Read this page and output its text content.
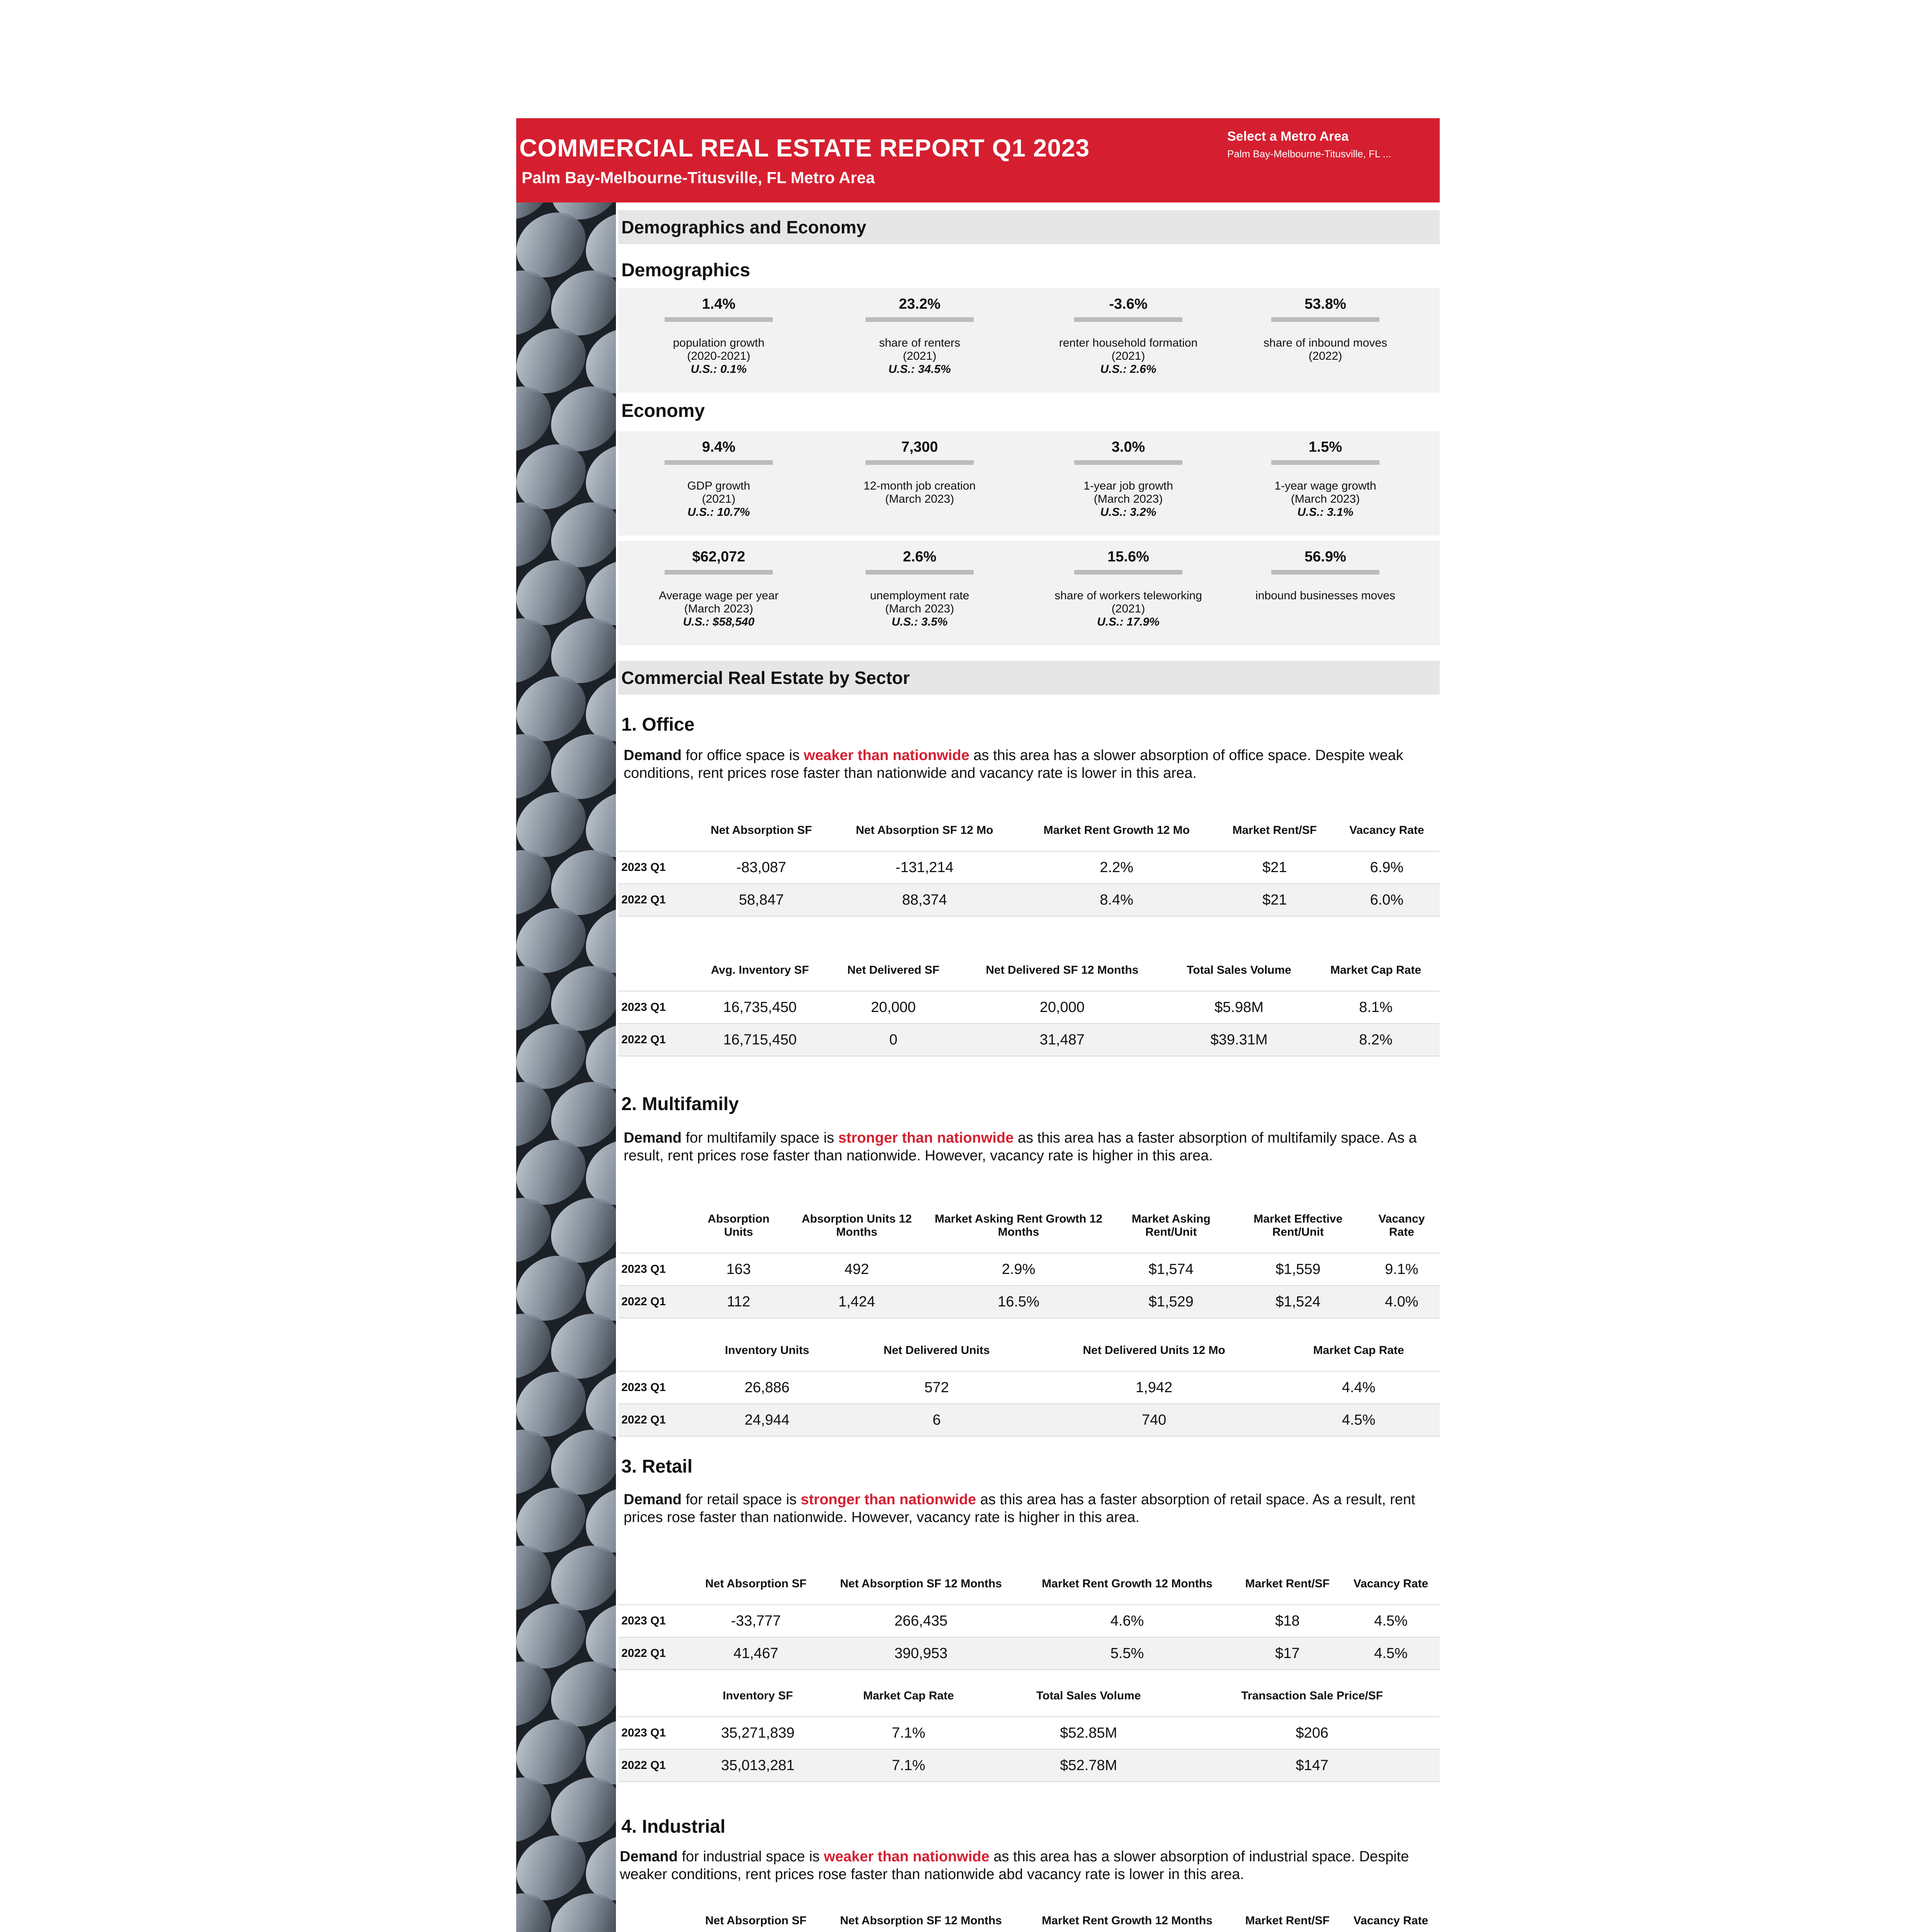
COMMERCIAL REAL ESTATE REPORT Q1 2023
Palm Bay-Melbourne-Titusville, FL Metro Area
Select a Metro Area
Palm Bay-Melbourne-Titusville, FL ...
Demographics and Economy
Demographics
1.4%
population growth
(2020-2021)
U.S.: 0.1%
23.2%
share of renters
(2021)
U.S.: 34.5%
-3.6%
renter household formation
(2021)
U.S.: 2.6%
53.8%
share of inbound moves
(2022)
Economy
9.4%
GDP growth
(2021)
U.S.: 10.7%
7,300
12-month job creation
(March 2023)
3.0%
1-year job growth
(March 2023)
U.S.: 3.2%
1.5%
1-year wage growth
(March 2023)
U.S.: 3.1%
$62,072
Average wage per year
(March 2023)
U.S.: $58,540
2.6%
unemployment rate
(March 2023)
U.S.: 3.5%
15.6%
share of workers teleworking
(2021)
U.S.: 17.9%
56.9%
inbound businesses moves
Commercial Real Estate by Sector
1. Office
Demand for office space is weaker than nationwide as this area has a slower absorption of office space. Despite weak conditions, rent prices rose faster than nationwide and vacancy rate is lower in this area.
	Net Absorption SF	Net Absorption SF 12 Mo	Market Rent Growth 12 Mo	Market Rent/SF	Vacancy Rate
2023 Q1	-83,087	-131,214	2.2%	$21	6.9%
2022 Q1	58,847	88,374	8.4%	$21	6.0%
	Avg. Inventory SF	Net Delivered SF	Net Delivered SF 12 Months	Total Sales Volume	Market Cap Rate
2023 Q1	16,735,450	20,000	20,000	$5.98M	8.1%
2022 Q1	16,715,450	0	31,487	$39.31M	8.2%
2. Multifamily
Demand for multifamily space is stronger than nationwide as this area has a faster absorption of multifamily space. As a result, rent prices rose faster than nationwide. However, vacancy rate is higher in this area.
	Absorption Units	Absorption Units 12 Months	Market Asking Rent Growth 12 Months	Market Asking Rent/Unit	Market Effective Rent/Unit	Vacancy Rate
2023 Q1	163	492	2.9%	$1,574	$1,559	9.1%
2022 Q1	112	1,424	16.5%	$1,529	$1,524	4.0%
	Inventory Units	Net Delivered Units	Net Delivered Units 12 Mo	Market Cap Rate
2023 Q1	26,886	572	1,942	4.4%
2022 Q1	24,944	6	740	4.5%
3. Retail
Demand for retail space is stronger than nationwide as this area has a faster absorption of retail space. As a result, rent prices rose faster than nationwide. However, vacancy rate is higher in this area.
	Net Absorption SF	Net Absorption SF 12 Months	Market Rent Growth 12 Months	Market Rent/SF	Vacancy Rate
2023 Q1	-33,777	266,435	4.6%	$18	4.5%
2022 Q1	41,467	390,953	5.5%	$17	4.5%
	Inventory SF	Market Cap Rate	Total Sales Volume	Transaction Sale Price/SF
2023 Q1	35,271,839	7.1%	$52.85M	$206
2022 Q1	35,013,281	7.1%	$52.78M	$147
4. Industrial
Demand for industrial space is weaker than nationwide as this area has a slower absorption of industrial space. Despite weaker conditions, rent prices rose faster than nationwide abd vacancy rate is lower in this area.
	Net Absorption SF	Net Absorption SF 12 Months	Market Rent Growth 12 Months	Market Rent/SF	Vacancy Rate
